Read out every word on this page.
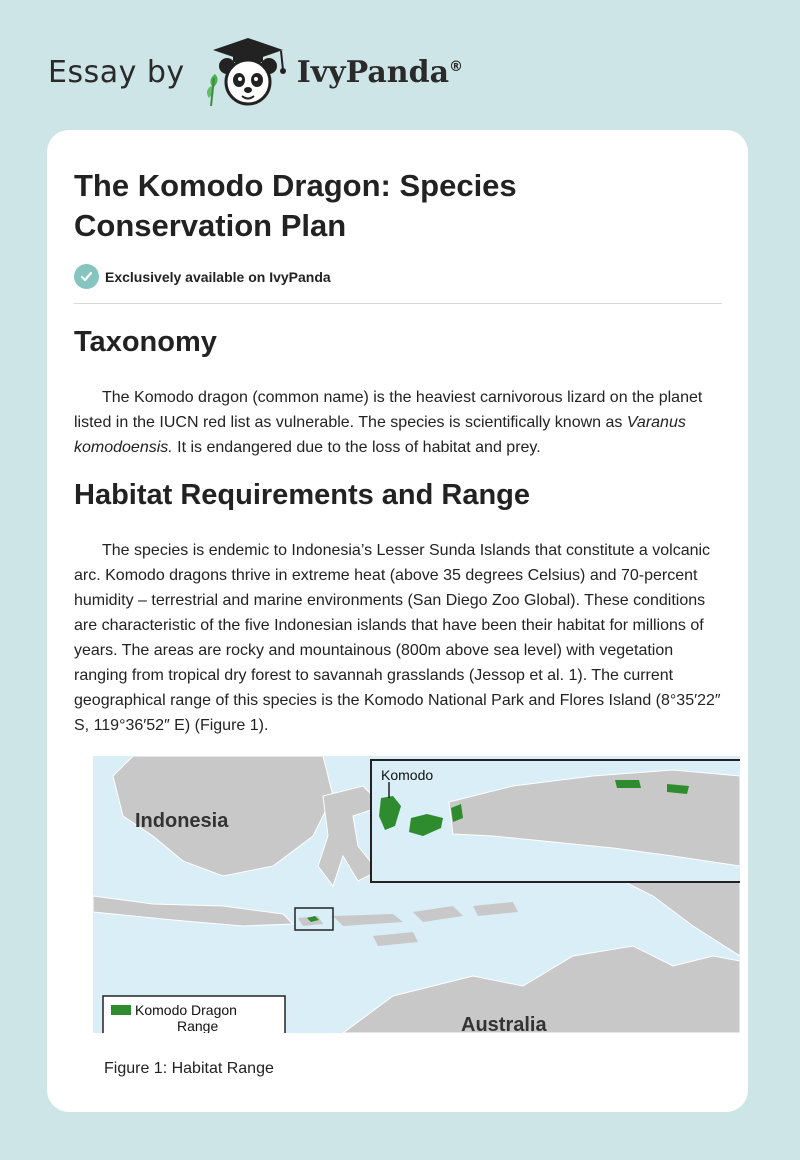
Essay by	IvyPanda®
The Komodo Dragon: Species Conservation Plan
Exclusively available on IvyPanda
Taxonomy

The Komodo dragon (common name) is the heaviest carnivorous lizard on the planet listed in the IUCN red list as vulnerable. The species is scientifically known as Varanus komodoensis. It is endangered due to the loss of habitat and prey.

Habitat Requirements and Range

The species is endemic to Indonesia’s Lesser Sunda Islands that constitute a volcanic arc. Komodo dragons thrive in extreme heat (above 35 degrees Celsius) and 70-percent humidity – terrestrial and marine environments (San Diego Zoo Global). These conditions are characteristic of the five Indonesian islands that have been their habitat for millions of years. The areas are rocky and mountainous (800m above sea level) with vegetation ranging from tropical dry forest to savannah grasslands (Jessop et al. 1). The current geographical range of this species is the Komodo National Park and Flores Island (8°35′22″ S, 119°36′52″ E) (Figure 1).

Indonesia
Komodo
Australia
Komodo Dragon
Range

Figure 1: Habitat Range
